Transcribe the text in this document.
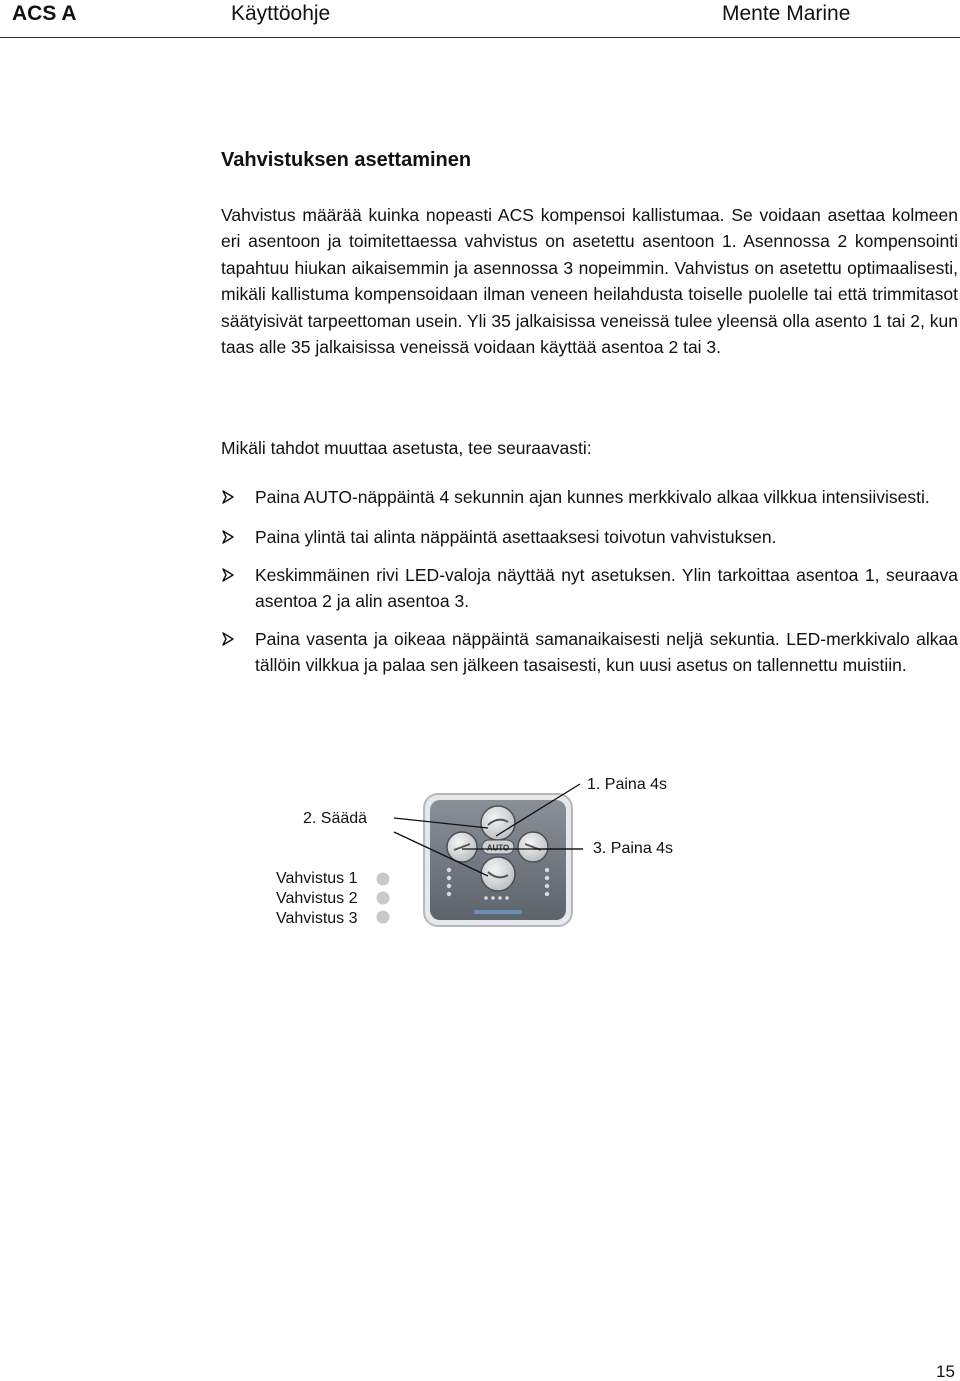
ACS A	Käyttöohje	Mente Marine
Vahvistuksen asettaminen

Vahvistus määrää kuinka nopeasti ACS kompensoi kallistumaa. Se voidaan asettaa kolmeen eri asentoon ja toimitettaessa vahvistus on asetettu asentoon 1. Asennossa 2 kompensointi tapahtuu hiukan aikaisemmin ja asennossa 3 nopeimmin. Vahvistus on asetettu optimaalisesti, mikäli kallistuma kompensoidaan ilman veneen heilahdusta toiselle puolelle tai että trimmitasot säätyisivät tarpeettoman usein. Yli 35 jalkaisissa veneissä tulee yleensä olla asento 1 tai 2, kun taas alle 35 jalkaisissa veneissä voidaan käyttää asentoa 2 tai 3.

Mikäli tahdot muuttaa asetusta, tee seuraavasti:

Paina AUTO-näppäintä 4 sekunnin ajan kunnes merkkivalo alkaa vilkkua intensiivisesti.
Paina ylintä tai alinta näppäintä asettaaksesi toivotun vahvistuksen.
Keskimmäinen rivi LED-valoja näyttää nyt asetuksen. Ylin tarkoittaa asentoa 1, seuraava asentoa 2 ja alin asentoa 3.
Paina vasenta ja oikeaa näppäintä samanaikaisesti neljä sekuntia. LED-merkkivalo alkaa tällöin vilkkua ja palaa sen jälkeen tasaisesti, kun uusi asetus on tallennettu muistiin.
AUTO
2. Säädä
1. Paina 4s
3. Paina 4s
Vahvistus 1
Vahvistus 2
Vahvistus 3
15
